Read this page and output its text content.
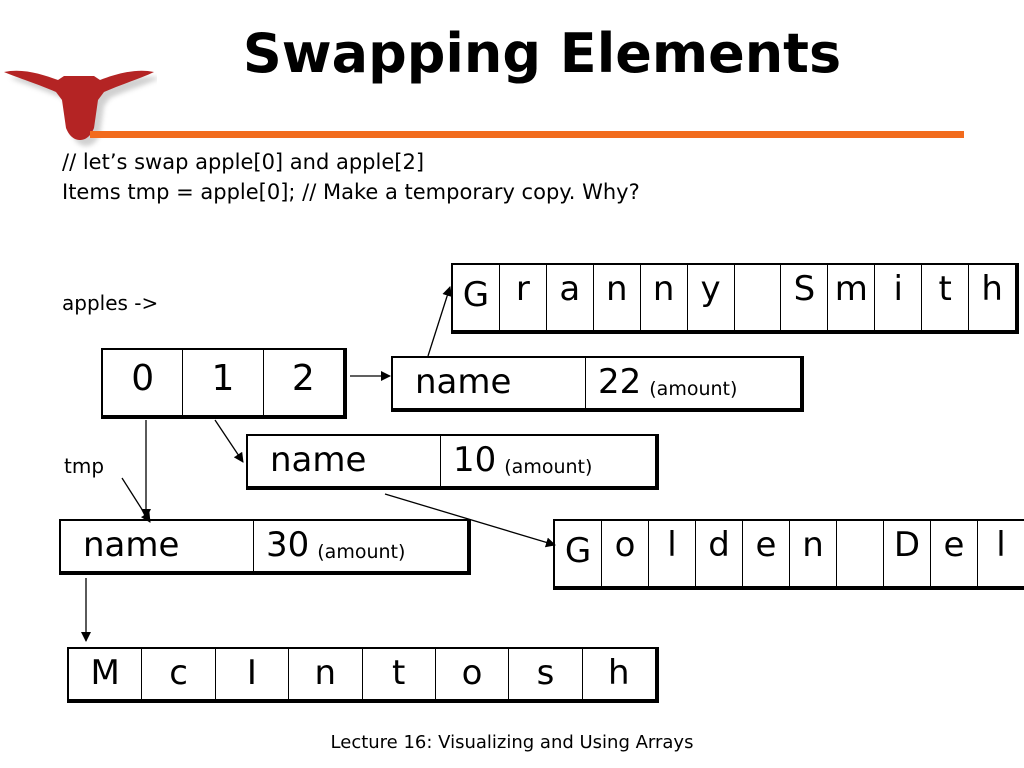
Swapping Elements
// let’s swap apple[0] and apple[2]
Items tmp = apple[0]; // Make a temporary copy. Why?
apples ->
tmp
0	1	2	name	22 (amount)
name	10 (amount)
name	30 (amount)
G r a n n y	S m i	t h
G o l d e n	D e l
M	c	I	n	t	o	s	h
Lecture 16: Visualizing and Using Arrays
